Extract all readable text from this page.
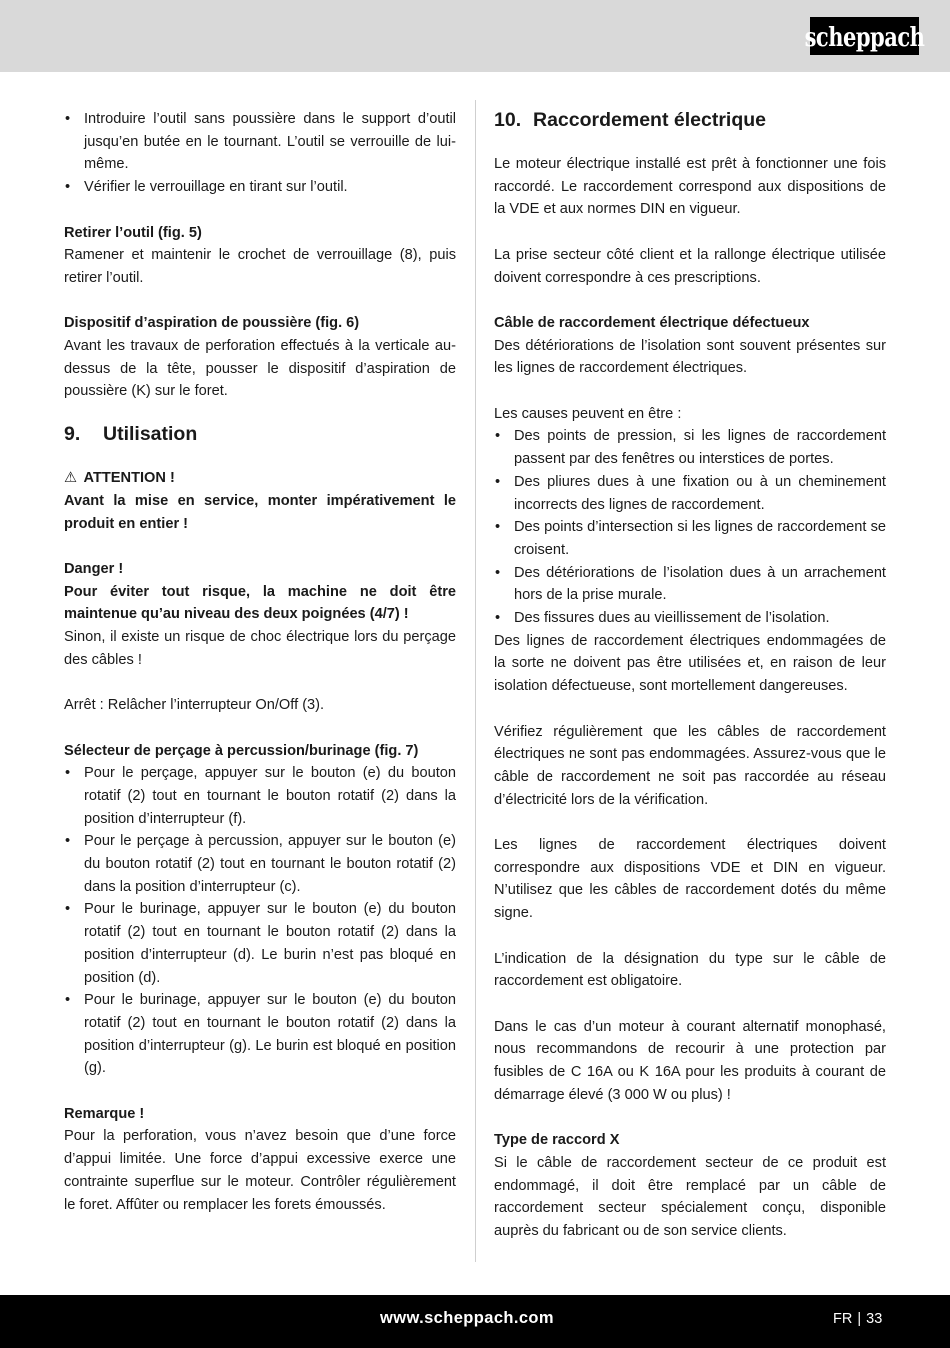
scheppach
• Introduire l’outil sans poussière dans le support d’outil jusqu’en butée en le tournant. L’outil se verrouille de lui-même.
• Vérifier le verrouillage en tirant sur l’outil.

Retirer l’outil (fig. 5)

Ramener et maintenir le crochet de verrouillage (8), puis retirer l’outil.

Dispositif d’aspiration de poussière (fig. 6)

Avant les travaux de perforation effectués à la verticale au-dessus de la tête, pousser le dispositif d’aspiration de poussière (K) sur le foret.

9.	Utilisation

⚠ ATTENTION !

Avant la mise en service, monter impérativement le produit en entier !

Danger !

Pour éviter tout risque, la machine ne doit être maintenue qu’au niveau des deux poignées (4/7) !

Sinon, il existe un risque de choc électrique lors du perçage des câbles !

Arrêt : Relâcher l’interrupteur On/Off (3).

Sélecteur de perçage à percussion/burinage (fig. 7)

• Pour le perçage, appuyer sur le bouton (e) du bouton rotatif (2) tout en tournant le bouton rotatif (2) dans la position d’interrupteur (f).
• Pour le perçage à percussion, appuyer sur le bouton (e) du bouton rotatif (2) tout en tournant le bouton rotatif (2) dans la position d’interrupteur (c).
• Pour le burinage, appuyer sur le bouton (e) du bouton rotatif (2) tout en tournant le bouton rotatif (2) dans la position d’interrupteur (d). Le burin n’est pas bloqué en position (d).
• Pour le burinage, appuyer sur le bouton (e) du bouton rotatif (2) tout en tournant le bouton rotatif (2) dans la position d’interrupteur (g). Le burin est bloqué en position (g).

Remarque !

Pour la perforation, vous n’avez besoin que d’une force d’appui limitée. Une force d’appui excessive exerce une contrainte superflue sur le moteur. Contrôler régulièrement le foret. Affûter ou remplacer les forets émoussés.

10. Raccordement électrique

Le moteur électrique installé est prêt à fonctionner une fois raccordé. Le raccordement correspond aux dispositions de la VDE et aux normes DIN en vigueur.

La prise secteur côté client et la rallonge électrique utilisée doivent correspondre à ces prescriptions.

Câble de raccordement électrique défectueux

Des détériorations de l’isolation sont souvent présentes sur les lignes de raccordement électriques.

Les causes peuvent en être :

• Des points de pression, si les lignes de raccordement passent par des fenêtres ou interstices de portes.
• Des pliures dues à une fixation ou à un cheminement incorrects des lignes de raccordement.
• Des points d’intersection si les lignes de raccordement se croisent.
• Des détériorations de l’isolation dues à un arrachement hors de la prise murale.
• Des fissures dues au vieillissement de l’isolation.

Des lignes de raccordement électriques endommagées de la sorte ne doivent pas être utilisées et, en raison de leur isolation défectueuse, sont mortellement dangereuses.

Vérifiez régulièrement que les câbles de raccordement électriques ne sont pas endommagées. Assurez-vous que le câble de raccordement ne soit pas raccordée au réseau d’électricité lors de la vérification.

Les lignes de raccordement électriques doivent correspondre aux dispositions VDE et DIN en vigueur. N’utilisez que les câbles de raccordement dotés du même signe.

L’indication de la désignation du type sur le câble de raccordement est obligatoire.

Dans le cas d’un moteur à courant alternatif monophasé, nous recommandons de recourir à une protection par fusibles de C 16A ou K 16A pour les produits à courant de démarrage élevé (3 000 W ou plus) !

Type de raccord X

Si le câble de raccordement secteur de ce produit est endommagé, il doit être remplacé par un câble de raccordement secteur spécialement conçu, disponible auprès du fabricant ou de son service clients.

www.scheppach.com	FR | 33
